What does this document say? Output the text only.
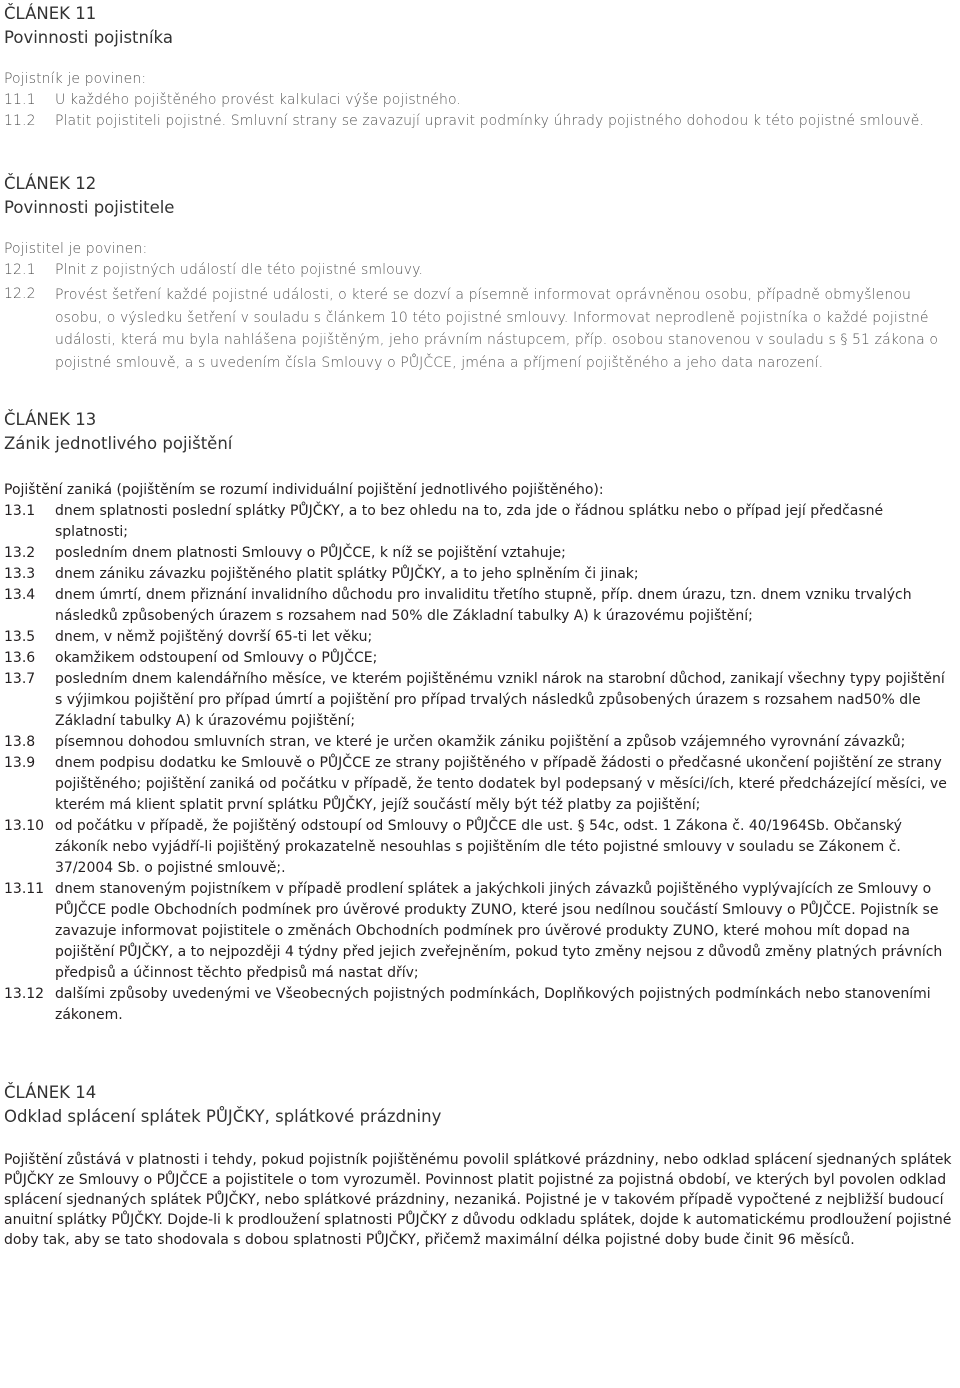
ČLÁNEK 11
Povinnosti pojistníka
Pojistník je povinen:
11.1	U každého pojištěného provést kalkulaci výše pojistného.
11.2	Platit pojistiteli pojistné. Smluvní strany se zavazují upravit podmínky úhrady pojistného dohodou k této pojistné smlouvě.
ČLÁNEK 12
Povinnosti pojistitele
Pojistitel je povinen:
12.1	Plnit z pojistných událostí dle této pojistné smlouvy.
12.2	Provést šetření každé pojistné události, o které se dozví a písemně informovat oprávněnou osobu, případně obmyšlenou osobu, o výsledku šetření v souladu s článkem 10 této pojistné smlouvy. Informovat neprodleně pojistníka o každé pojistné události, která mu byla nahlášena pojištěným, jeho právním nástupcem, příp. osobou stanovenou v souladu s § 51 zákona o pojistné smlouvě, a s uvedením čísla Smlouvy o PŮJČCE, jména a příjmení pojištěného a jeho data narození.
ČLÁNEK 13
Zánik jednotlivého pojištění
Pojištění zaniká (pojištěním se rozumí individuální pojištění jednotlivého pojištěného):
13.1	dnem splatnosti poslední splátky PŮJČKY, a to bez ohledu na to, zda jde o řádnou splátku nebo o případ její předčasné splatnosti;
13.2	posledním dnem platnosti Smlouvy o PŮJČCE, k níž se pojištění vztahuje;
13.3	dnem zániku závazku pojištěného platit splátky PŮJČKY, a to jeho splněním či jinak;
13.4	dnem úmrtí, dnem přiznání invalidního důchodu pro invaliditu třetího stupně, příp. dnem úrazu, tzn. dnem vzniku trvalých následků způsobených úrazem s rozsahem nad 50% dle Základní tabulky A) k úrazovému pojištění;
13.5	dnem, v němž pojištěný dovrší 65-ti let věku;
13.6	okamžikem odstoupení od Smlouvy o PŮJČCE;
13.7	posledním dnem kalendářního měsíce, ve kterém pojištěnému vznikl nárok na starobní důchod, zanikají všechny typy pojištění s výjimkou pojištění pro případ úmrtí a pojištění pro případ trvalých následků způsobených úrazem s rozsahem nad50% dle Základní tabulky A) k úrazovému pojištění;
13.8	písemnou dohodou smluvních stran, ve které je určen okamžik zániku pojištění a způsob vzájemného vyrovnání závazků;
13.9	dnem podpisu dodatku ke Smlouvě o PŮJČCE ze strany pojištěného v případě žádosti o předčasné ukončení pojištění ze strany pojištěného; pojištění zaniká od počátku v případě, že tento dodatek byl podepsaný v měsíci/ích, které předcházející měsíci, ve kterém má klient splatit první splátku PŮJČKY, jejíž součástí měly být též platby za pojištění;
13.10 od počátku v případě, že pojištěný odstoupí od Smlouvy o PŮJČCE dle ust. § 54c, odst. 1 Zákona č. 40/1964Sb. Občanský zákoník nebo vyjádří-li pojištěný prokazatelně nesouhlas s pojištěním dle této pojistné smlouvy v souladu se Zákonem č. 37/2004 Sb. o pojistné smlouvě;.
13.11 dnem stanoveným pojistníkem v případě prodlení splátek a jakýchkoli jiných závazků pojištěného vyplývajících ze Smlouvy o PŮJČCE podle Obchodních podmínek pro úvěrové produkty ZUNO, které jsou nedílnou součástí Smlouvy o PŮJČCE. Pojistník se zavazuje informovat pojistitele o změnách Obchodních podmínek pro úvěrové produkty ZUNO, které mohou mít dopad na pojištění PŮJČKY, a to nejpozději 4 týdny před jejich zveřejněním, pokud tyto změny nejsou z důvodů změny platných právních předpisů a účinnost těchto předpisů má nastat dřív;
13.12 dalšími způsoby uvedenými ve Všeobecných pojistných podmínkách, Doplňkových pojistných podmínkách nebo stanoveními zákonem.
ČLÁNEK 14
Odklad splácení splátek PŮJČKY, splátkové prázdniny

Pojištění zůstává v platnosti i tehdy, pokud pojistník pojištěnému povolil splátkové prázdniny, nebo odklad splácení sjednaných splátek PŮJČKY ze Smlouvy o PŮJČCE a pojistitele o tom vyrozuměl. Povinnost platit pojistné za pojistná období, ve kterých byl povolen odklad splácení sjednaných splátek PŮJČKY, nebo splátkové prázdniny, nezaniká. Pojistné je v takovém případě vypočtené z nejbližší budoucí anuitní splátky PŮJČKY. Dojde-li k prodloužení splatnosti PŮJČKY z důvodu odkladu splátek, dojde k automatickému prodloužení pojistné doby tak, aby se tato shodovala s dobou splatnosti PŮJČKY, přičemž maximální délka pojistné doby bude činit 96 měsíců.
